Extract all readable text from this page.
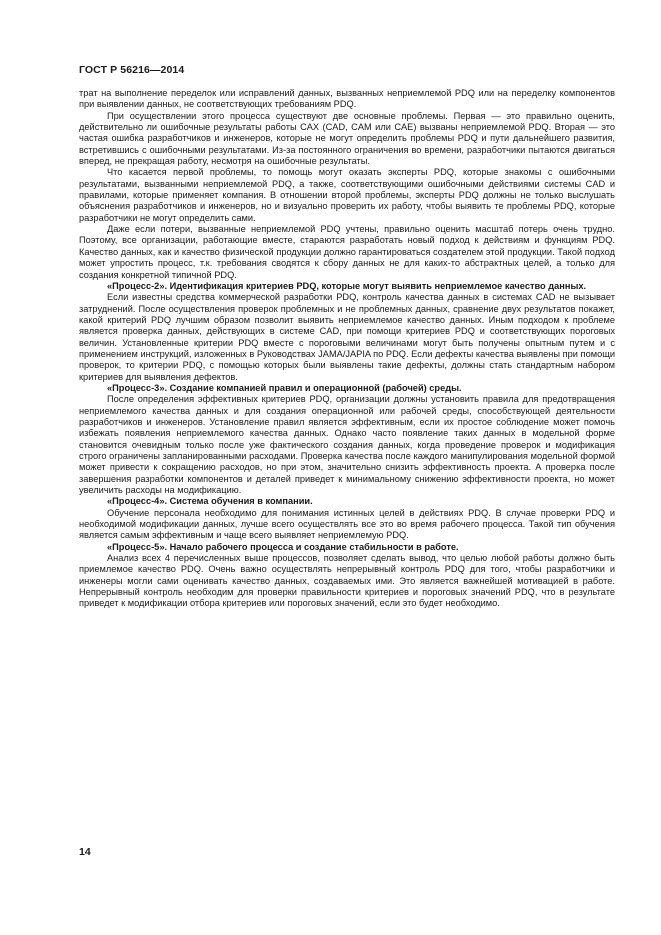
ГОСТ Р 56216—2014

трат на выполнение переделок или исправлений данных, вызванных неприемлемой PDQ или на переделку компонентов при выявлении данных, не соответствующих требованиям PDQ.

При осуществлении этого процесса существуют две основные проблемы. Первая — это правильно оценить, действительно ли ошибочные результаты работы CAX (CAD, CAM или CAE) вызваны неприемлемой PDQ. Вторая — это частая ошибка разработчиков и инженеров, которые не могут определить проблемы PDQ и пути дальнейшего развития, встретившись с ошибочными результатами. Из-за постоянного ограничения во времени, разработчики пытаются двигаться вперед, не прекращая работу, несмотря на ошибочные результаты.

Что касается первой проблемы, то помощь могут оказать эксперты PDQ, которые знакомы с ошибочными результатами, вызванными неприемлемой PDQ, а также, соответствующими ошибочными действиями системы CAD и правилами, которые применяет компания. В отношении второй проблемы, эксперты PDQ должны не только выслушать объяснения разработчиков и инженеров, но и визуально проверить их работу, чтобы выявить те проблемы PDQ, которые разработчики не могут определить сами.

Даже если потери, вызванные неприемлемой PDQ учтены, правильно оценить масштаб потерь очень трудно. Поэтому, все организации, работающие вместе, стараются разработать новый подход к действиям и функциям PDQ. Качество данных, как и качество физической продукции должно гарантироваться создателем этой продукции. Такой подход может упростить процесс, т.к. требования сводятся к сбору данных не для каких-то абстрактных целей, а только для создания конкретной типичной PDQ.

«Процесс-2». Идентификация критериев PDQ, которые могут выявить неприемлемое качество данных.

Если известны средства коммерческой разработки PDQ, контроль качества данных в системах CAD не вызывает затруднений. После осуществления проверок проблемных и не проблемных данных, сравнение двух результатов покажет, какой критерий PDQ лучшим образом позволит выявить неприемлемое качество данных. Иным подходом к проблеме является проверка данных, действующих в системе CAD, при помощи критериев PDQ и соответствующих пороговых величин. Установленные критерии PDQ вместе с пороговыми величинами могут быть получены опытным путем и с применением инструкций, изложенных в Руководствах JAMA/JAPIA по PDQ. Если дефекты качества выявлены при помощи проверок, то критерии PDQ, с помощью которых были выявлены такие дефекты, должны стать стандартным набором критериев для выявления дефектов.

«Процесс-3». Создание компанией правил и операционной (рабочей) среды.

После определения эффективных критериев PDQ, организации должны установить правила для предотвращения неприемлемого качества данных и для создания операционной или рабочей среды, способствующей деятельности разработчиков и инженеров. Установление правил является эффективным, если их простое соблюдение может помочь избежать появления неприемлемого качества данных. Однако часто появление таких данных в модельной форме становится очевидным только после уже фактического создания данных, когда проведение проверок и модификация строго ограничены запланированными расходами. Проверка качества после каждого манипулирования модельной формой может привести к сокращению расходов, но при этом, значительно снизить эффективность проекта. А проверка после завершения разработки компонентов и деталей приведет к минимальному снижению эффективности проекта, но может увеличить расходы на модификацию.

«Процесс-4». Система обучения в компании.

Обучение персонала необходимо для понимания истинных целей в действиях PDQ. В случае проверки PDQ и необходимой модификации данных, лучше всего осуществлять все это во время рабочего процесса. Такой тип обучения является самым эффективным и чаще всего выявляет неприемлемую PDQ.

«Процесс-5». Начало рабочего процесса и создание стабильности в работе.

Анализ всех 4 перечисленных выше процессов, позволяет сделать вывод, что целью любой работы должно быть приемлемое качество PDQ. Очень важно осуществлять непрерывный контроль PDQ для того, чтобы разработчики и инженеры могли сами оценивать качество данных, создаваемых ими. Это является важнейшей мотивацией в работе. Непрерывный контроль необходим для проверки правильности критериев и пороговых значений PDQ, что в результате приведет к модификации отбора критериев или пороговых значений, если это будет необходимо.

14
